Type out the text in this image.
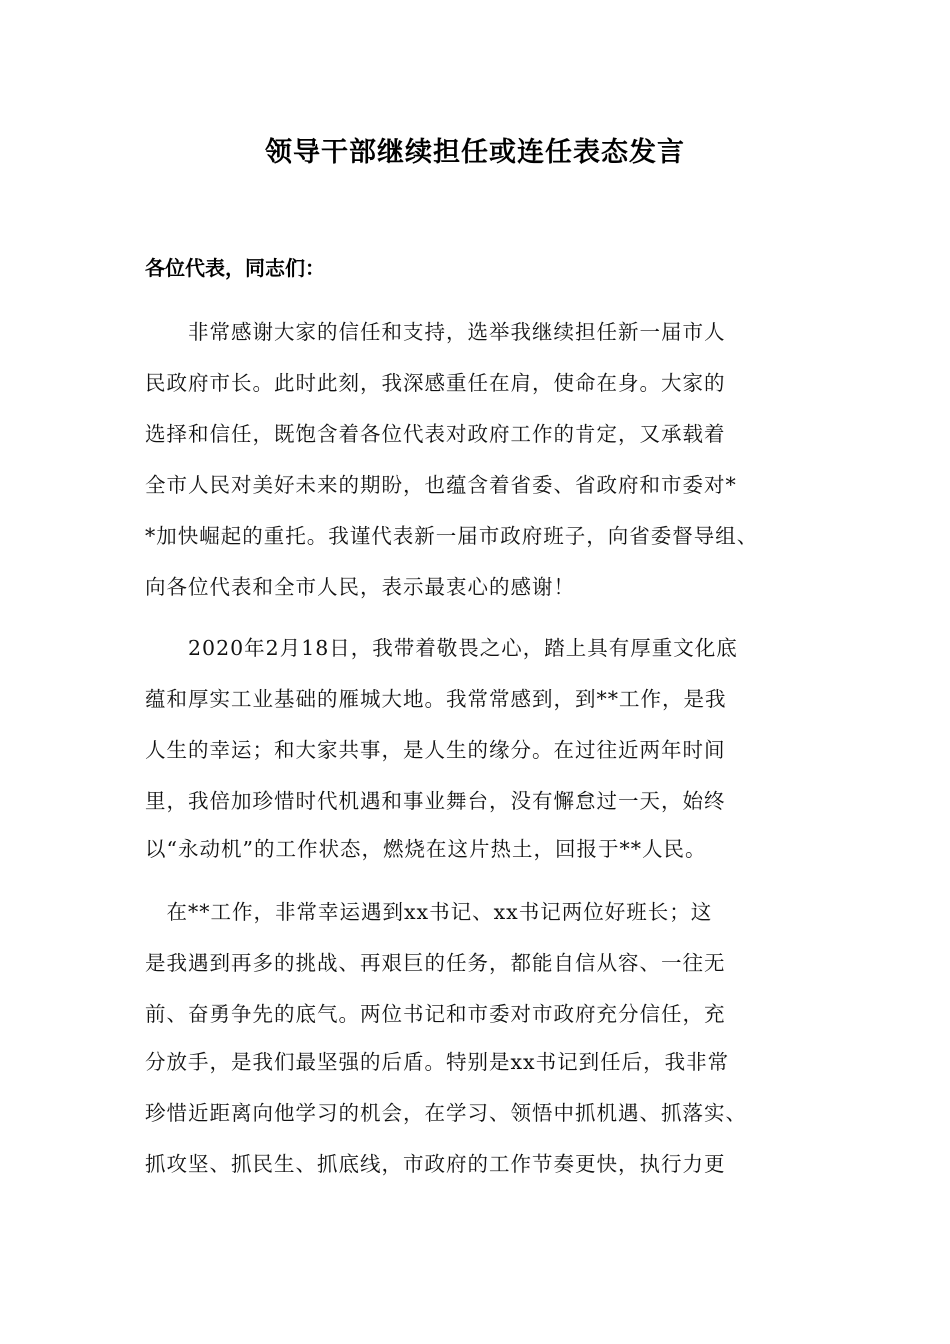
领导干部继续担任或连任表态发言
各位代表，同志们：
　　非常感谢大家的信任和支持，选举我继续担任新一届市人
民政府市长。此时此刻，我深感重任在肩，使命在身。大家的
选择和信任，既饱含着各位代表对政府工作的肯定，又承载着
全市人民对美好未来的期盼，也蕴含着省委、省政府和市委对*
*加快崛起的重托。我谨代表新一届市政府班子，向省委督导组、
向各位代表和全市人民，表示最衷心的感谢！
　　2020年2月18日，我带着敬畏之心，踏上具有厚重文化底
蕴和厚实工业基础的雁城大地。我常常感到，到**工作，是我
人生的幸运；和大家共事，是人生的缘分。在过往近两年时间
里，我倍加珍惜时代机遇和事业舞台，没有懈怠过一天，始终
以“永动机”的工作状态，燃烧在这片热土，回报于**人民。
　在**工作，非常幸运遇到xx书记、xx书记两位好班长；这
是我遇到再多的挑战、再艰巨的任务，都能自信从容、一往无
前、奋勇争先的底气。两位书记和市委对市政府充分信任，充
分放手，是我们最坚强的后盾。特别是xx书记到任后，我非常
珍惜近距离向他学习的机会，在学习、领悟中抓机遇、抓落实、
抓攻坚、抓民生、抓底线，市政府的工作节奏更快，执行力更
